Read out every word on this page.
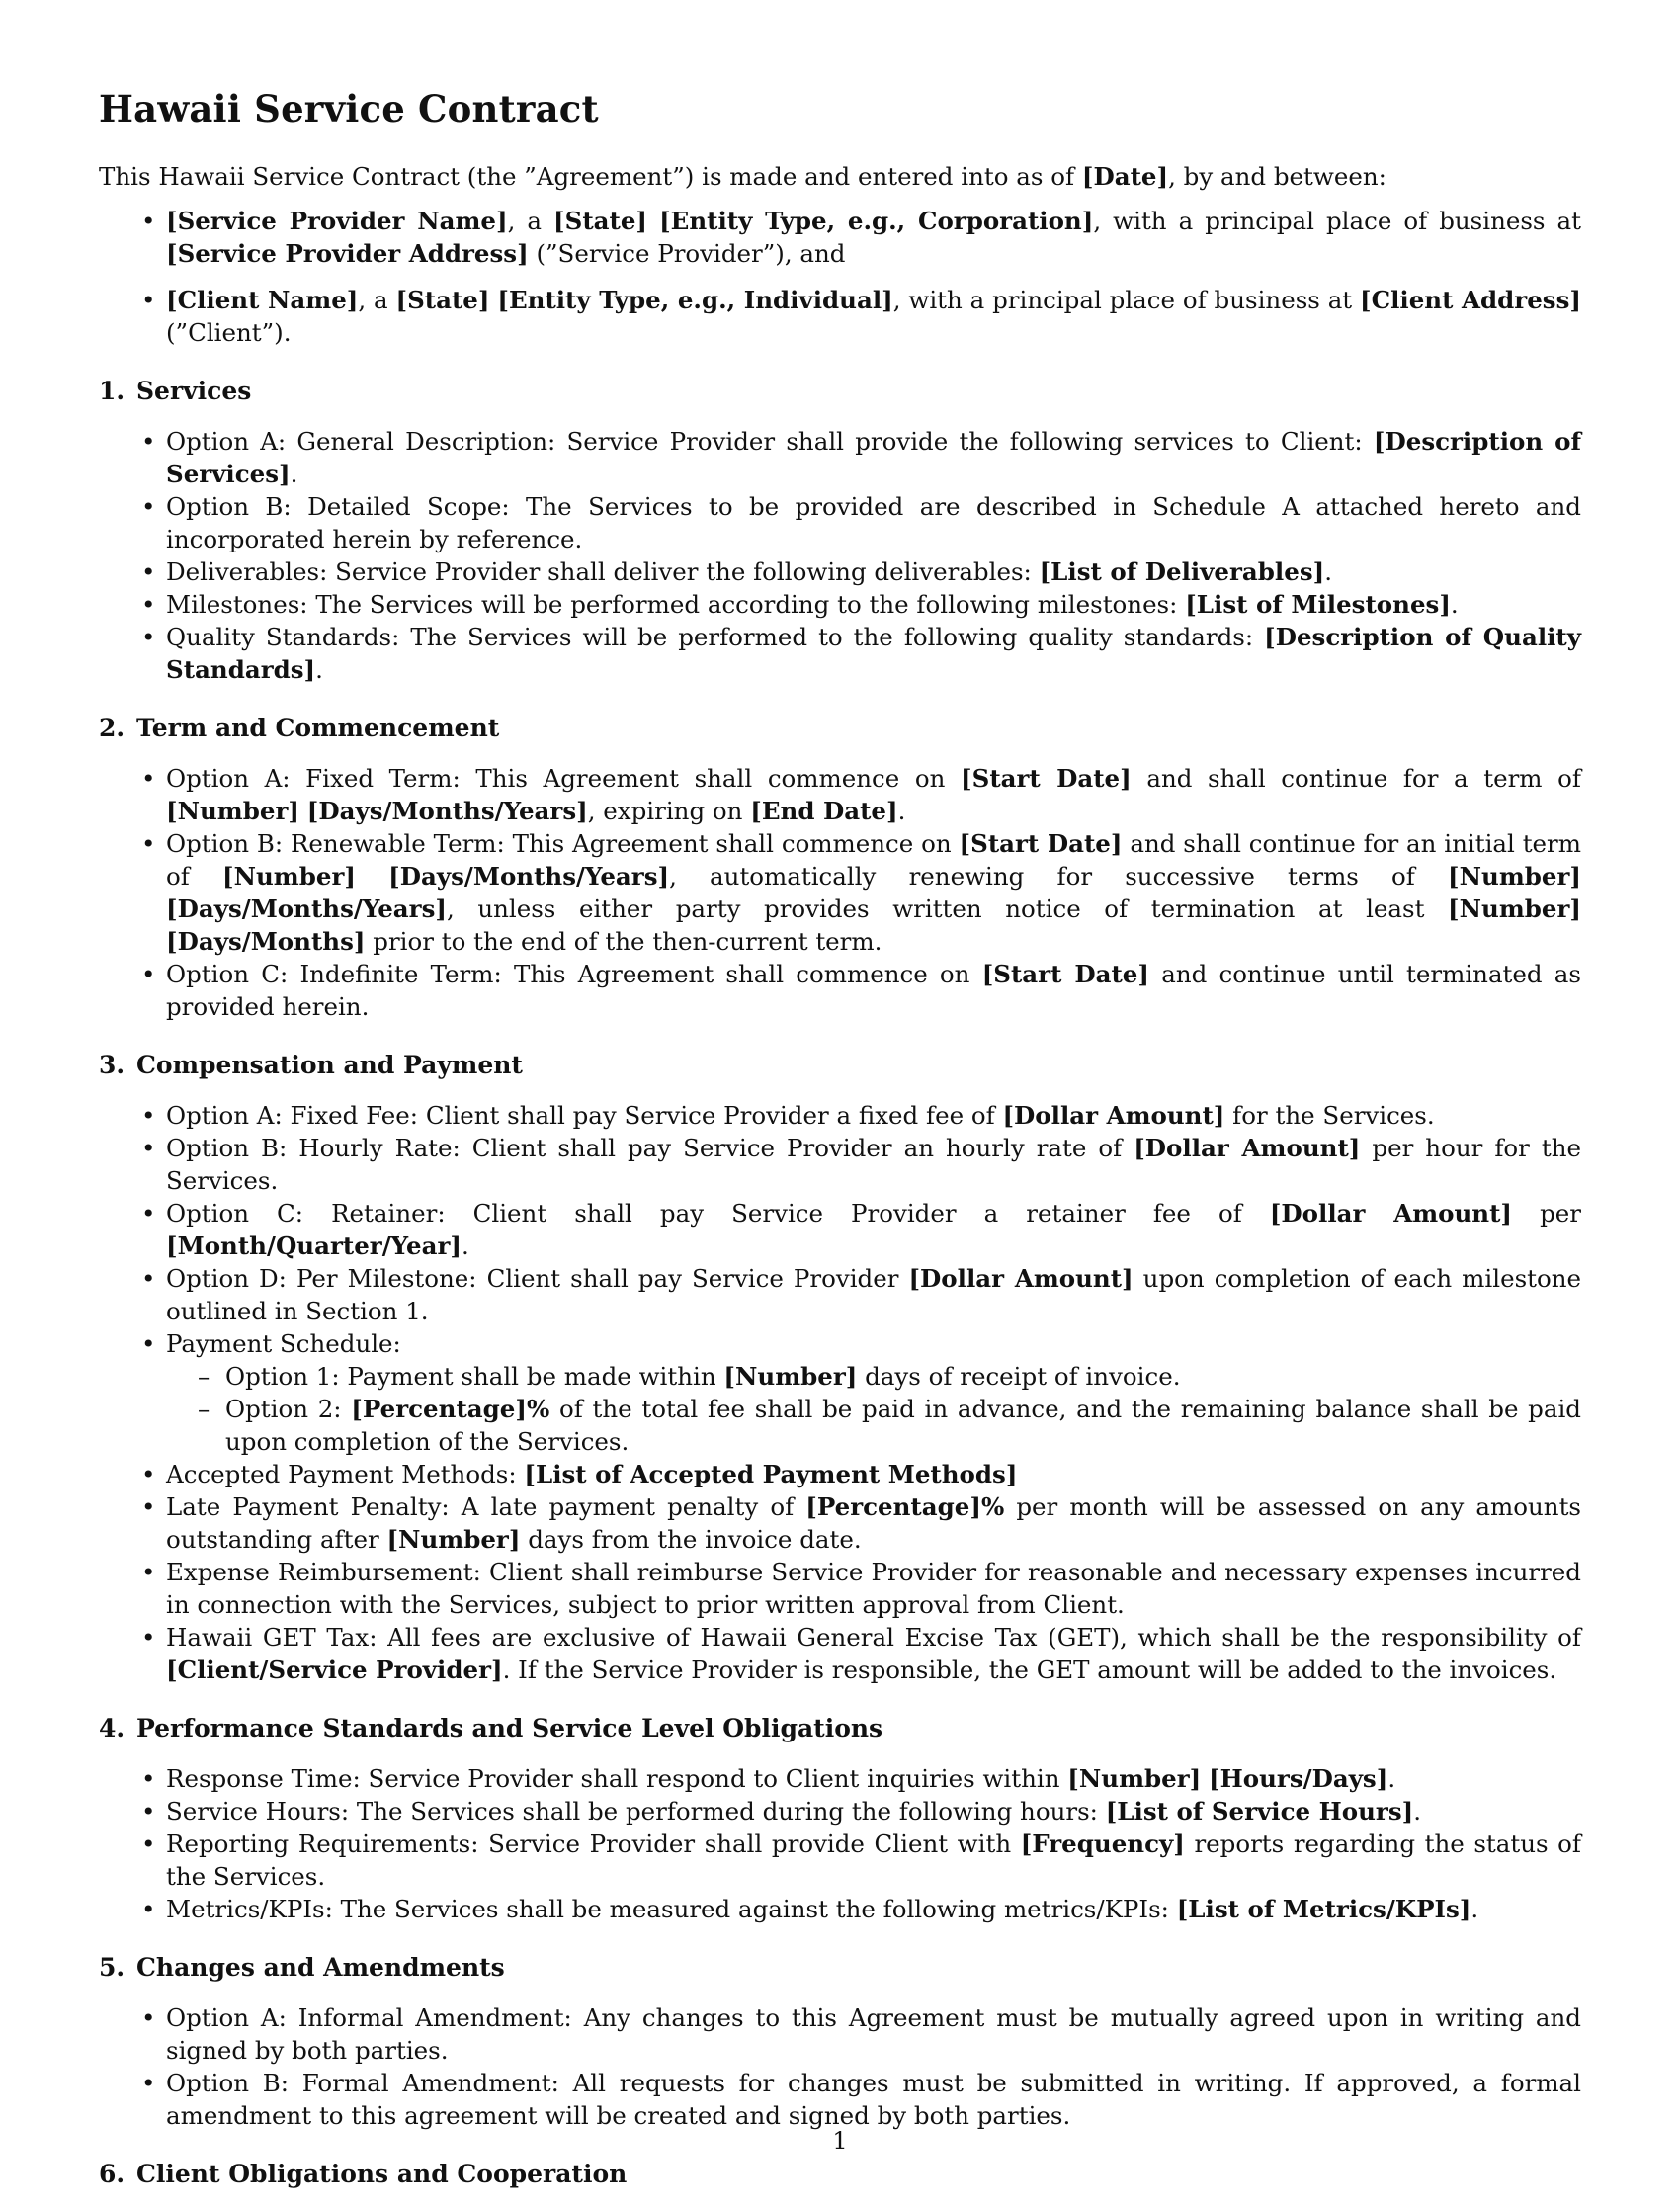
Hawaii Service Contract

This Hawaii Service Contract (the ”Agreement”) is made and entered into as of [Date], by and between:

• [Service Provider Name], a [State] [Entity Type, e.g., Corporation], with a principal place of business at [Service Provider Address] (”Service Provider”), and
• [Client Name], a [State] [Entity Type, e.g., Individual], with a principal place of business at [Client Address] (”Client”).
1. Services
• Option A: General Description: Service Provider shall provide the following services to Client: [Description of Services].
• Option B: Detailed Scope: The Services to be provided are described in Schedule A attached hereto and incorporated herein by reference.
• Deliverables: Service Provider shall deliver the following deliverables: [List of Deliverables].
• Milestones: The Services will be performed according to the following milestones: [List of Milestones].
• Quality Standards: The Services will be performed to the following quality standards: [Description of Quality Standards].
2. Term and Commencement
• Option A: Fixed Term: This Agreement shall commence on [Start Date] and shall continue for a term of [Number] [Days/Months/Years], expiring on [End Date].
• Option B: Renewable Term: This Agreement shall commence on [Start Date] and shall continue for an initial term of [Number] [Days/Months/Years], automatically renewing for successive terms of [Number] [Days/Months/Years], unless either party provides written notice of termination at least [Number] [Days/Months] prior to the end of the then-current term.
• Option C: Indefinite Term: This Agreement shall commence on [Start Date] and continue until terminated as provided herein.
3. Compensation and Payment
• Option A: Fixed Fee: Client shall pay Service Provider a fixed fee of [Dollar Amount] for the Services.
• Option B: Hourly Rate: Client shall pay Service Provider an hourly rate of [Dollar Amount] per hour for the Services.
• Option C: Retainer: Client shall pay Service Provider a retainer fee of [Dollar Amount] per [Month/Quarter/Year].
• Option D: Per Milestone: Client shall pay Service Provider [Dollar Amount] upon completion of each milestone outlined in Section 1.
• Payment Schedule:
– Option 1: Payment shall be made within [Number] days of receipt of invoice.
– Option 2: [Percentage]% of the total fee shall be paid in advance, and the remaining balance shall be paid upon completion of the Services.
• Accepted Payment Methods: [List of Accepted Payment Methods]
• Late Payment Penalty: A late payment penalty of [Percentage]% per month will be assessed on any amounts outstanding after [Number] days from the invoice date.
• Expense Reimbursement: Client shall reimburse Service Provider for reasonable and necessary expenses incurred in connection with the Services, subject to prior written approval from Client.
• Hawaii GET Tax: All fees are exclusive of Hawaii General Excise Tax (GET), which shall be the responsibility of [Client/Service Provider]. If the Service Provider is responsible, the GET amount will be added to the invoices.
4. Performance Standards and Service Level Obligations
• Response Time: Service Provider shall respond to Client inquiries within [Number] [Hours/Days].
• Service Hours: The Services shall be performed during the following hours: [List of Service Hours].
• Reporting Requirements: Service Provider shall provide Client with [Frequency] reports regarding the status of the Services.
• Metrics/KPIs: The Services shall be measured against the following metrics/KPIs: [List of Metrics/KPIs].
5. Changes and Amendments
• Option A: Informal Amendment: Any changes to this Agreement must be mutually agreed upon in writing and signed by both parties.
• Option B: Formal Amendment: All requests for changes must be submitted in writing. If approved, a formal amendment to this agreement will be created and signed by both parties.
6. Client Obligations and Cooperation
1
